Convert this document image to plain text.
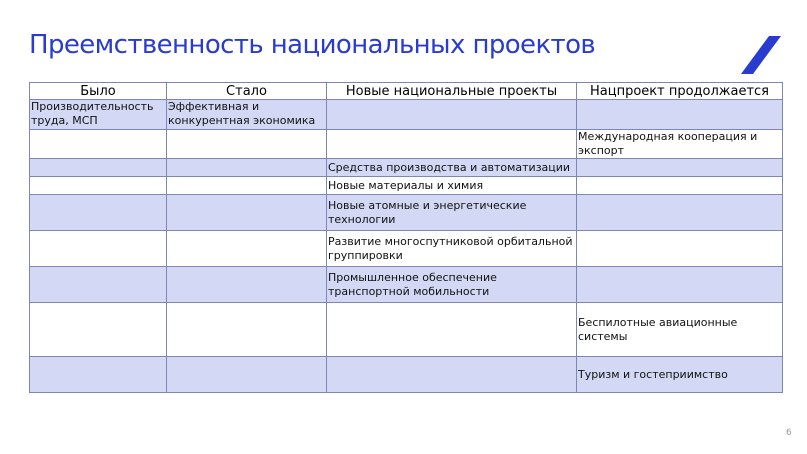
Преемственность национальных проектов
Было	Стало	Новые национальные проекты	Нацпроект продолжается
Производительность труда, МСП	Эффективная и конкурентная экономика		
			Международная кооперация и экспорт
		Средства производства и автоматизации	
		Новые материалы и химия	
		Новые атомные и энергетические технологии	
		Развитие многоспутниковой орбитальной группировки	
		Промышленное обеспечение транспортной мобильности	
			Беспилотные авиационные системы
			Туризм и гостеприимство
6
